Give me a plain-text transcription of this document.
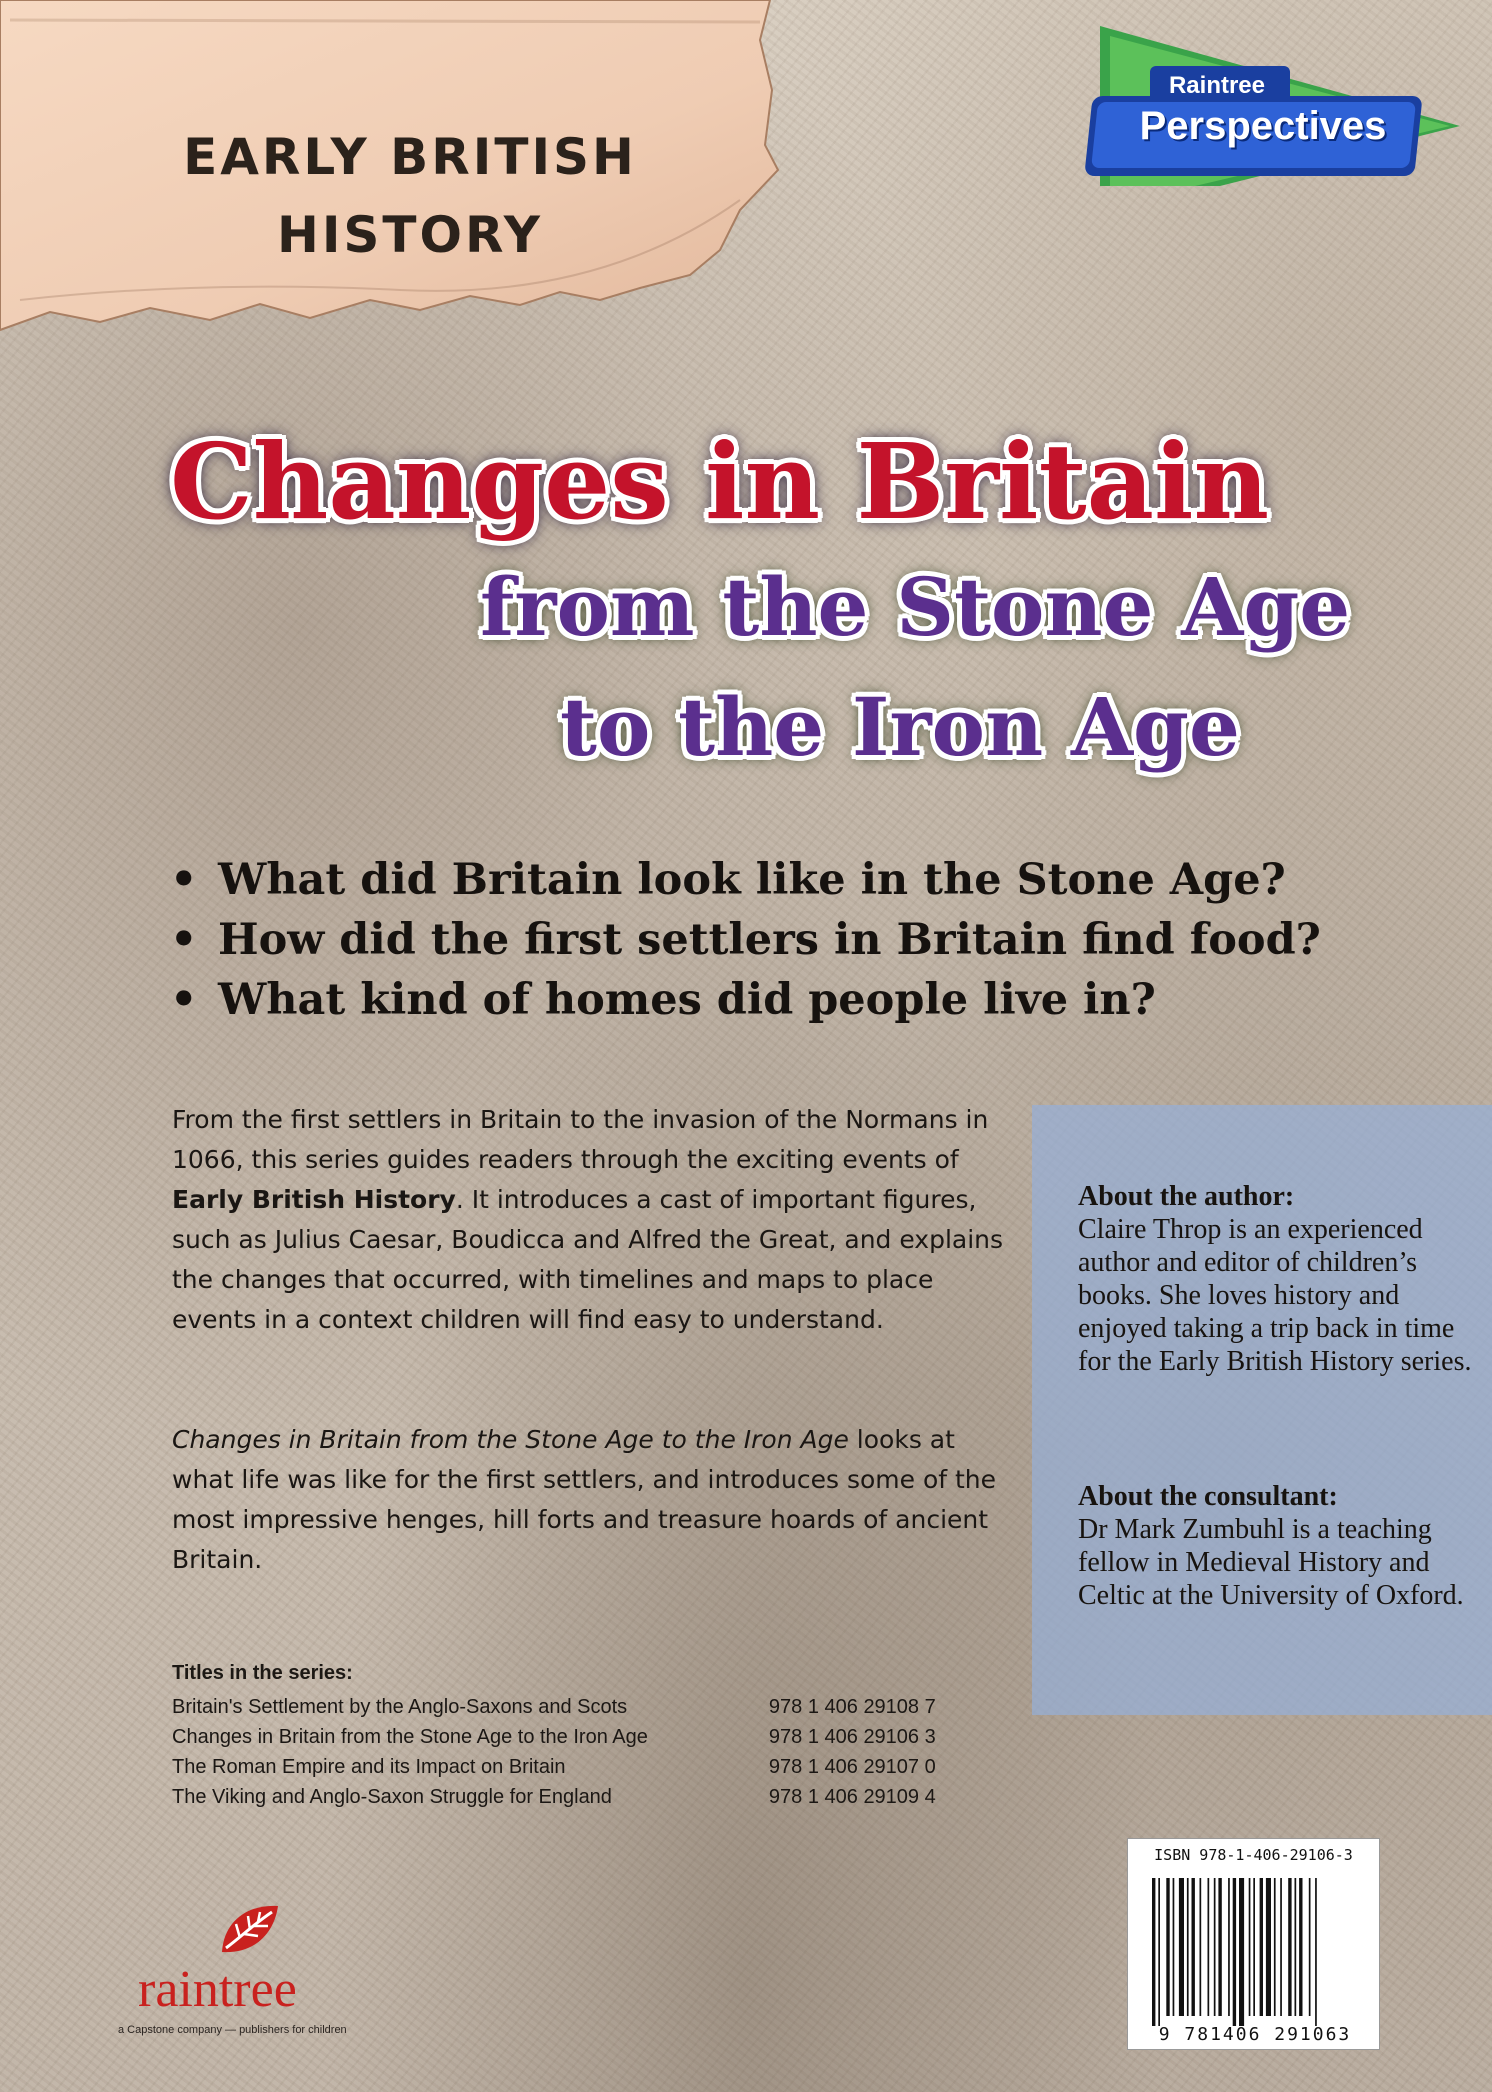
EARLY BRITISH
HISTORY
Raintree
Perspectives
Changes in Britain
from the Stone Age
to the Iron Age
• What did Britain look like in the Stone Age?
• How did the first settlers in Britain find food?
• What kind of homes did people live in?

From the first settlers in Britain to the invasion of the Normans in 1066, this series guides readers through the exciting events of Early British History. It introduces a cast of important figures, such as Julius Caesar, Boudicca and Alfred the Great, and explains the changes that occurred, with timelines and maps to place events in a context children will find easy to understand.

Changes in Britain from the Stone Age to the Iron Age looks at what life was like for the first settlers, and introduces some of the most impressive henges, hill forts and treasure hoards of ancient Britain.

About the author:
Claire Throp is an experienced author and editor of children’s books. She loves history and enjoyed taking a trip back in time for the Early British History series.
About the consultant:
Dr Mark Zumbuhl is a teaching fellow in Medieval History and Celtic at the University of Oxford.
Titles in the series:
Britain's Settlement by the Anglo-Saxons and Scots	978 1 406 29108 7
Changes in Britain from the Stone Age to the Iron Age	978 1 406 29106 3
The Roman Empire and its Impact on Britain	978 1 406 29107 0
The Viking and Anglo-Saxon Struggle for England	978 1 406 29109 4
raintree
a Capstone company — publishers for children
ISBN 978-1-406-29106-3
9 781406 291063
